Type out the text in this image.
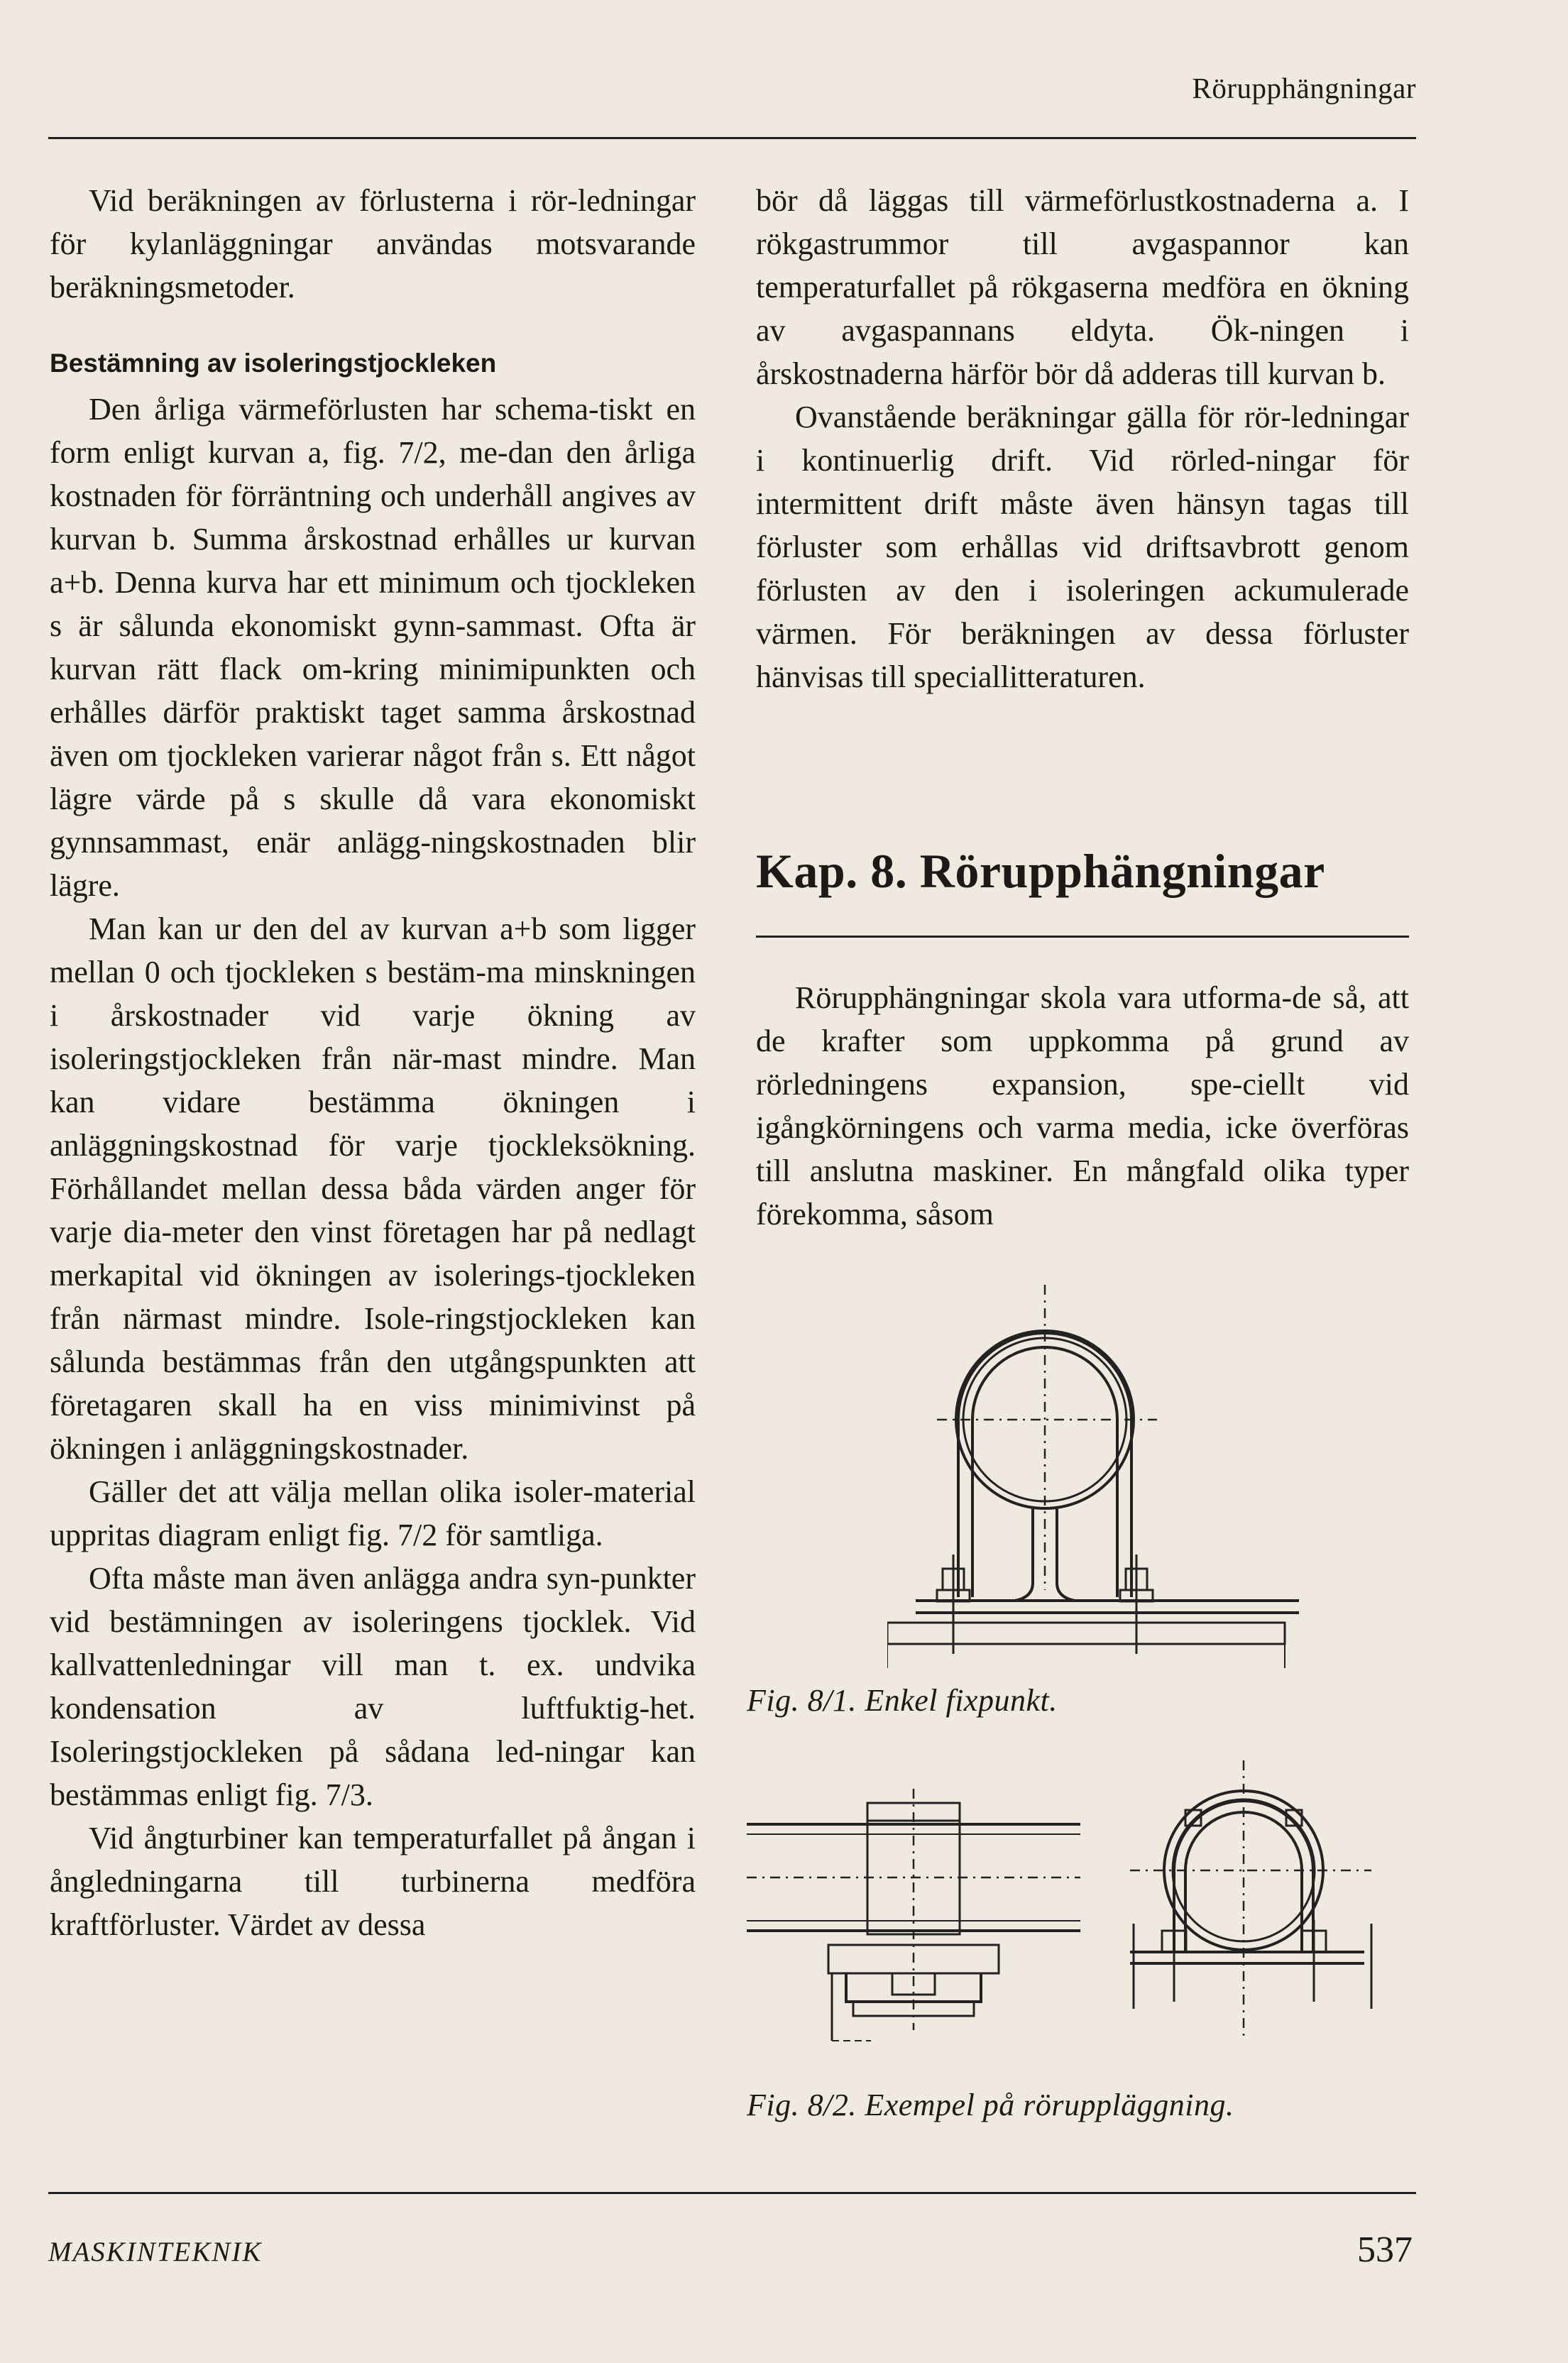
Rörupphängningar

Vid beräkningen av förlusterna i rör‐ledningar för kylanläggningar användas motsvarande beräkningsmetoder.

Bestämning av isoleringstjockleken

Den årliga värmeförlusten har schema‐tiskt en form enligt kurvan a, fig. 7/2, me‐dan den årliga kostnaden för förräntning och underhåll angives av kurvan b. Summa årskostnad erhålles ur kurvan a+b. Denna kurva har ett minimum och tjockleken s är sålunda ekonomiskt gynn‐sammast. Ofta är kurvan rätt flack om‐kring minimipunkten och erhålles därför praktiskt taget samma årskostnad även om tjockleken varierar något från s. Ett något lägre värde på s skulle då vara ekonomiskt gynnsammast, enär anlägg‐ningskostnaden blir lägre.

Man kan ur den del av kurvan a+b som ligger mellan 0 och tjockleken s bestäm‐ma minskningen i årskostnader vid varje ökning av isoleringstjockleken från när‐mast mindre. Man kan vidare bestämma ökningen i anläggningskostnad för varje tjockleksökning. Förhållandet mellan dessa båda värden anger för varje dia‐meter den vinst företagen har på nedlagt merkapital vid ökningen av isolerings‐tjockleken från närmast mindre. Isole‐ringstjockleken kan sålunda bestämmas från den utgångspunkten att företagaren skall ha en viss minimivinst på ökningen i anläggningskostnader.

Gäller det att välja mellan olika isoler‐material uppritas diagram enligt fig. 7/2 för samtliga.

Ofta måste man även anlägga andra syn‐punkter vid bestämningen av isoleringens tjocklek. Vid kallvattenledningar vill man t. ex. undvika kondensation av luftfuktig‐het. Isoleringstjockleken på sådana led‐ningar kan bestämmas enligt fig. 7/3.

Vid ångturbiner kan temperaturfallet på ångan i ångledningarna till turbinerna medföra kraftförluster. Värdet av dessa

bör då läggas till värmeförlustkostnaderna a. I rökgastrummor till avgaspannor kan temperaturfallet på rökgaserna medföra en ökning av avgaspannans eldyta. Ök‐ningen i årskostnaderna härför bör då adderas till kurvan b.

Ovanstående beräkningar gälla för rör‐ledningar i kontinuerlig drift. Vid rörled‐ningar för intermittent drift måste även hänsyn tagas till förluster som erhållas vid driftsavbrott genom förlusten av den i isoleringen ackumulerade värmen. För beräkningen av dessa förluster hänvisas till speciallitteraturen.

Kap. 8. Rörupphängningar

Rörupphängningar skola vara utforma‐de så, att de krafter som uppkomma på grund av rörledningens expansion, spe‐ciellt vid igångkörningens och varma media, icke överföras till anslutna maskiner. En mångfald olika typer förekomma, såsom

Fig. 8/1. Enkel fixpunkt.
Fig. 8/2. Exempel på röruppläggning.
MASKINTEKNIK	537
